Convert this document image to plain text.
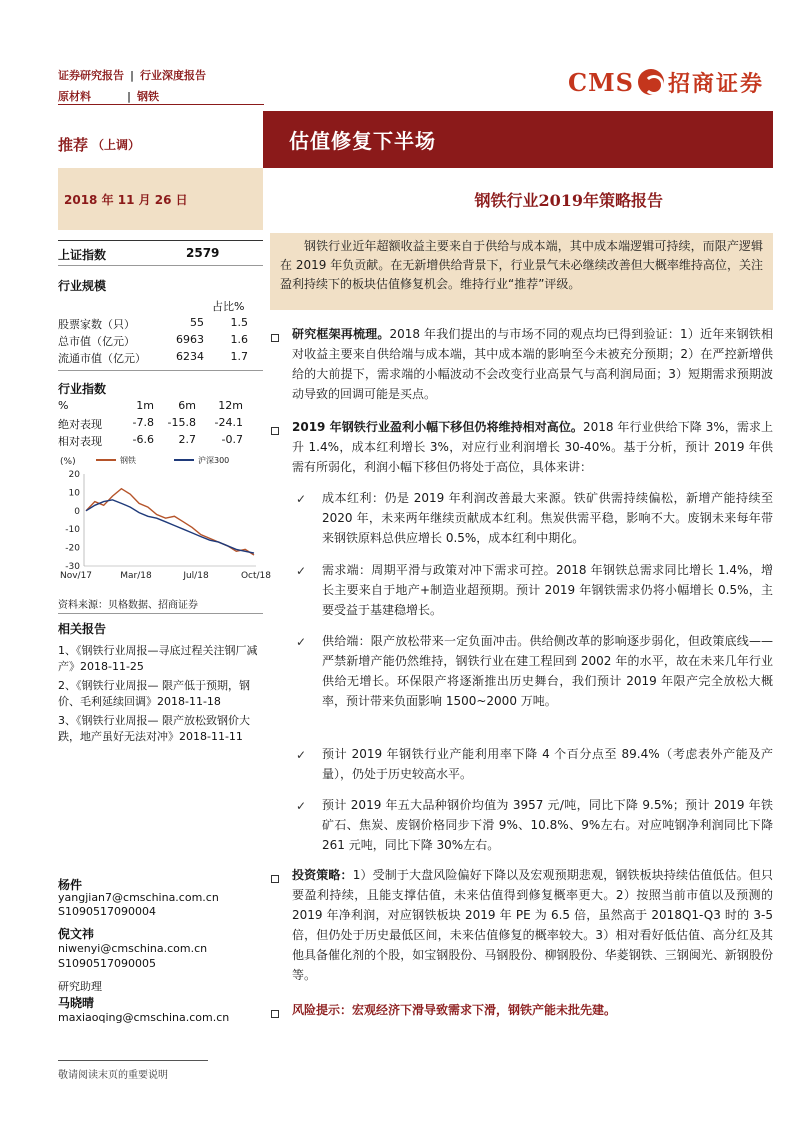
证券研究报告 | 行业深度报告
原材料	| 钢铁	CMS 招商证券
推荐 （上调）	估值修复下半场
2018 年 11 月 26 日	钢铁行业2019年策略报告
上证指数	2579
行业规模
占比%
股票家数（只）	55	1.5
总市值（亿元）	6963	1.6
流通市值（亿元）	6234	1.7
行业指数
%	1m	6m	12m
绝对表现	-7.8 -15.8 -24.1
相对表现	-6.6	2.7	-0.7
(%)	钢铁	沪深300
20
10
0
-10
-20
-30
Nov/17	Mar/18	Jul/18	Oct/18
资料来源：贝格数据、招商证券
相关报告
1、《钢铁行业周报—寻底过程关注钢厂减产》2018-11-25
2、《钢铁行业周报— 限产低于预期，钢价、毛利延续回调》2018-11-18
3、《钢铁行业周报— 限产放松致钢价大跌，地产虽好无法对冲》2018-11-11
杨件
yangjian7@cmschina.com.cn
S1090517090004
倪文祎
niwenyi@cmschina.com.cn
S1090517090005
研究助理
马晓晴
maxiaoqing@cmschina.com.cn
钢铁行业近年超额收益主要来自于供给与成本端，其中成本端逻辑可持续，而限产逻辑在 2019 年负贡献。在无新增供给背景下，行业景气未必继续改善但大概率维持高位，关注盈利持续下的板块估值修复机会。维持行业“推荐”评级。
研究框架再梳理。2018 年我们提出的与市场不同的观点均已得到验证：1）近年来钢铁相对收益主要来自供给端与成本端，其中成本端的影响至今未被充分预期；2）在严控新增供给的大前提下，需求端的小幅波动不会改变行业高景气与高利润局面；3）短期需求预期波动导致的回调可能是买点。
2019 年钢铁行业盈利小幅下移但仍将维持相对高位。2018 年行业供给下降 3%，需求上升 1.4%，成本红利增长 3%，对应行业利润增长 30-40%。基于分析，预计 2019 年供需有所弱化，利润小幅下移但仍将处于高位，具体来讲：
✓ 成本红利：仍是 2019 年利润改善最大来源。铁矿供需持续偏松，新增产能持续至 2020 年，未来两年继续贡献成本红利。焦炭供需平稳，影响不大。废钢未来每年带来钢铁原料总供应增长 0.5%，成本红利中期化。
✓ 需求端：周期平滑与政策对冲下需求可控。2018 年钢铁总需求同比增长 1.4%，增长主要来自于地产+制造业超预期。预计 2019 年钢铁需求仍将小幅增长 0.5%，主要受益于基建稳增长。
✓ 供给端：限产放松带来一定负面冲击。供给侧改革的影响逐步弱化，但政策底线——严禁新增产能仍然维持，钢铁行业在建工程回到 2002 年的水平，故在未来几年行业供给无增长。环保限产将逐渐推出历史舞台，我们预计 2019 年限产完全放松大概率，预计带来负面影响 1500~2000 万吨。
✓ 预计 2019 年钢铁行业产能利用率下降 4 个百分点至 89.4%（考虑表外产能及产量），仍处于历史较高水平。
✓ 预计 2019 年五大品种钢价均值为 3957 元/吨，同比下降 9.5%；预计 2019 年铁矿石、焦炭、废钢价格同步下滑 9%、10.8%、9%左右。对应吨钢净利润同比下降 261 元吨，同比下降 30%左右。
投资策略：1）受制于大盘风险偏好下降以及宏观预期悲观，钢铁板块持续估值低估。但只要盈利持续，且能支撑估值，未来估值得到修复概率更大。2）按照当前市值以及预测的 2019 年净利润，对应钢铁板块 2019 年 PE 为 6.5 倍，虽然高于 2018Q1-Q3 时的 3-5 倍，但仍处于历史最低区间，未来估值修复的概率较大。3）相对看好低估值、高分红及其他具备催化剂的个股，如宝钢股份、马钢股份、柳钢股份、华菱钢铁、三钢闽光、新钢股份等。
风险提示：宏观经济下滑导致需求下滑，钢铁产能未批先建。
敬请阅读末页的重要说明
